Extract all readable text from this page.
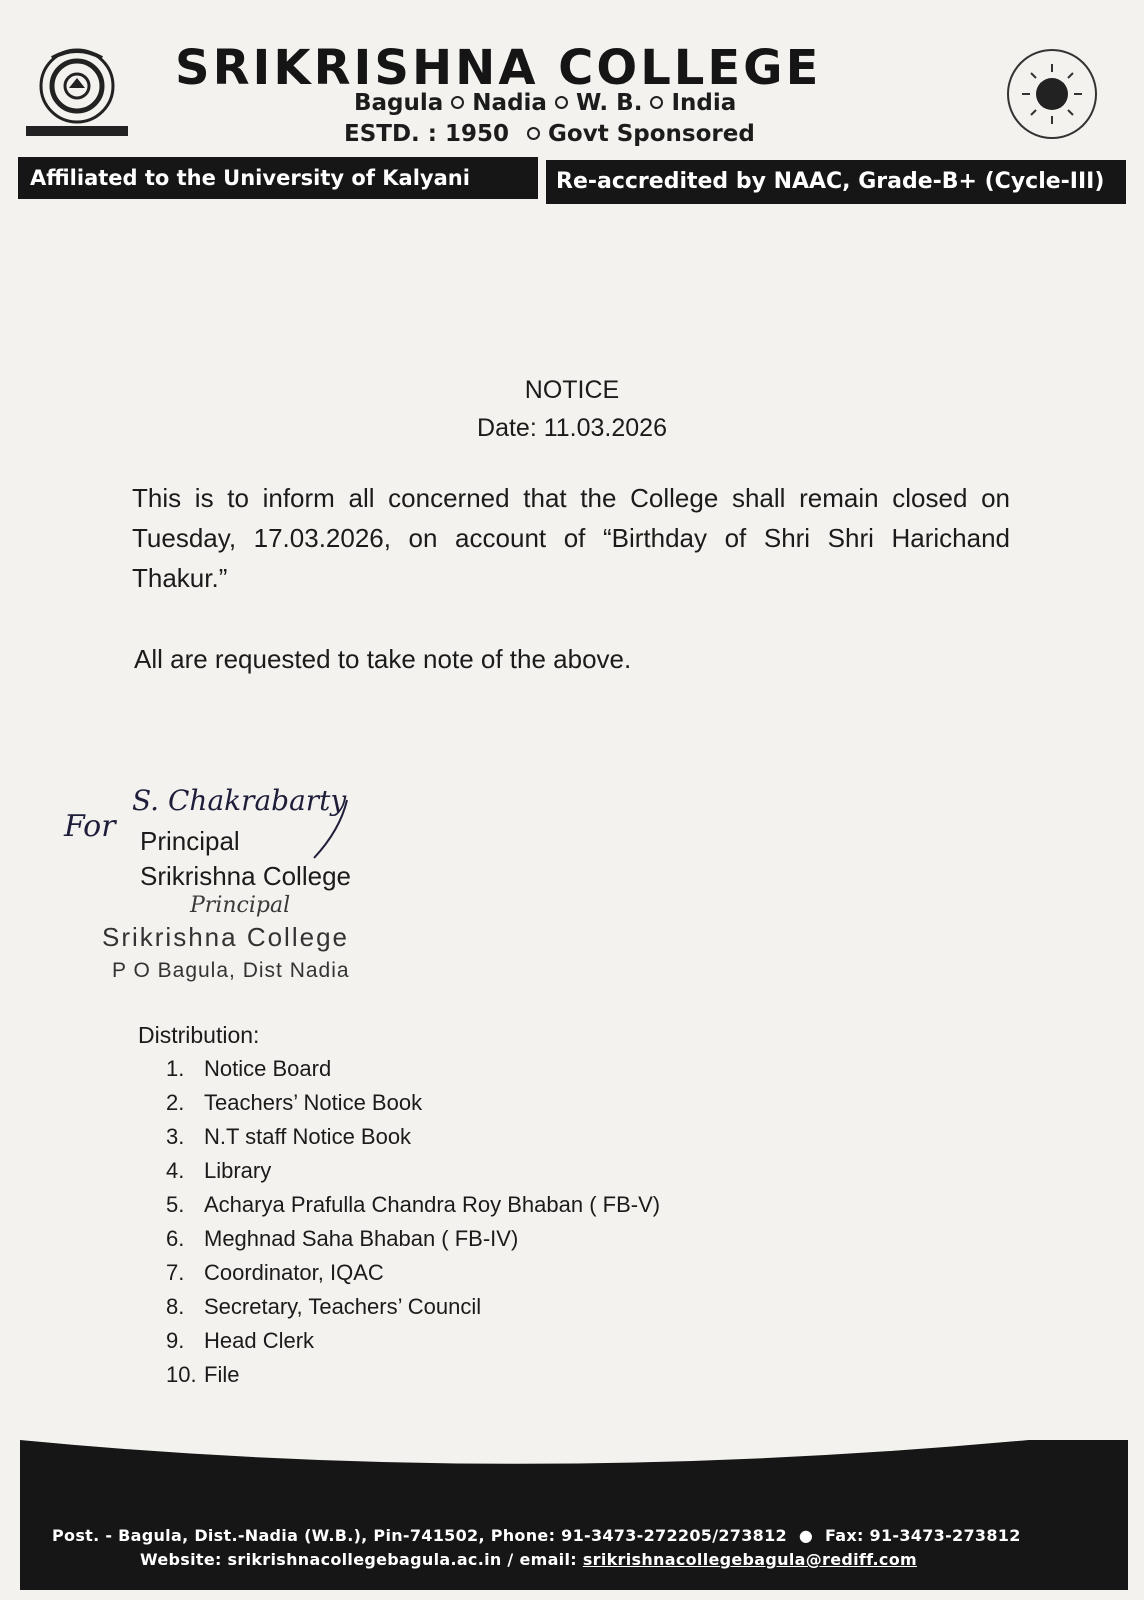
SRIKRISHNA COLLEGE
Bagula Nadia W. B. India
ESTD. : 1950 Govt Sponsored
Affiliated to the University of Kalyani	Re-accredited by NAAC, Grade-B+ (Cycle-III)
NOTICE
Date: 11.03.2026
This is to inform all concerned that the College shall remain closed on Tuesday, 17.03.2026, on account of “Birthday of Shri Shri Harichand Thakur.”
All are requested to take note of the above.
S. Chakrabarty
For Principal
Srikrishna College
Principal
Srikrishna College
P O Bagula, Dist Nadia
Distribution:
1. Notice Board
2. Teachers’ Notice Book
3. N.T staff Notice Book
4. Library
5. Acharya Prafulla Chandra Roy Bhaban ( FB-V)
6. Meghnad Saha Bhaban ( FB-IV)
7. Coordinator, IQAC
8. Secretary, Teachers’ Council
9. Head Clerk
10. File
Post. - Bagula, Dist.-Nadia (W.B.), Pin-741502, Phone: 91-3473-272205/273812 ● Fax: 91-3473-273812
Website: srikrishnacollegebagula.ac.in / email: srikrishnacollegebagula@rediff.com
